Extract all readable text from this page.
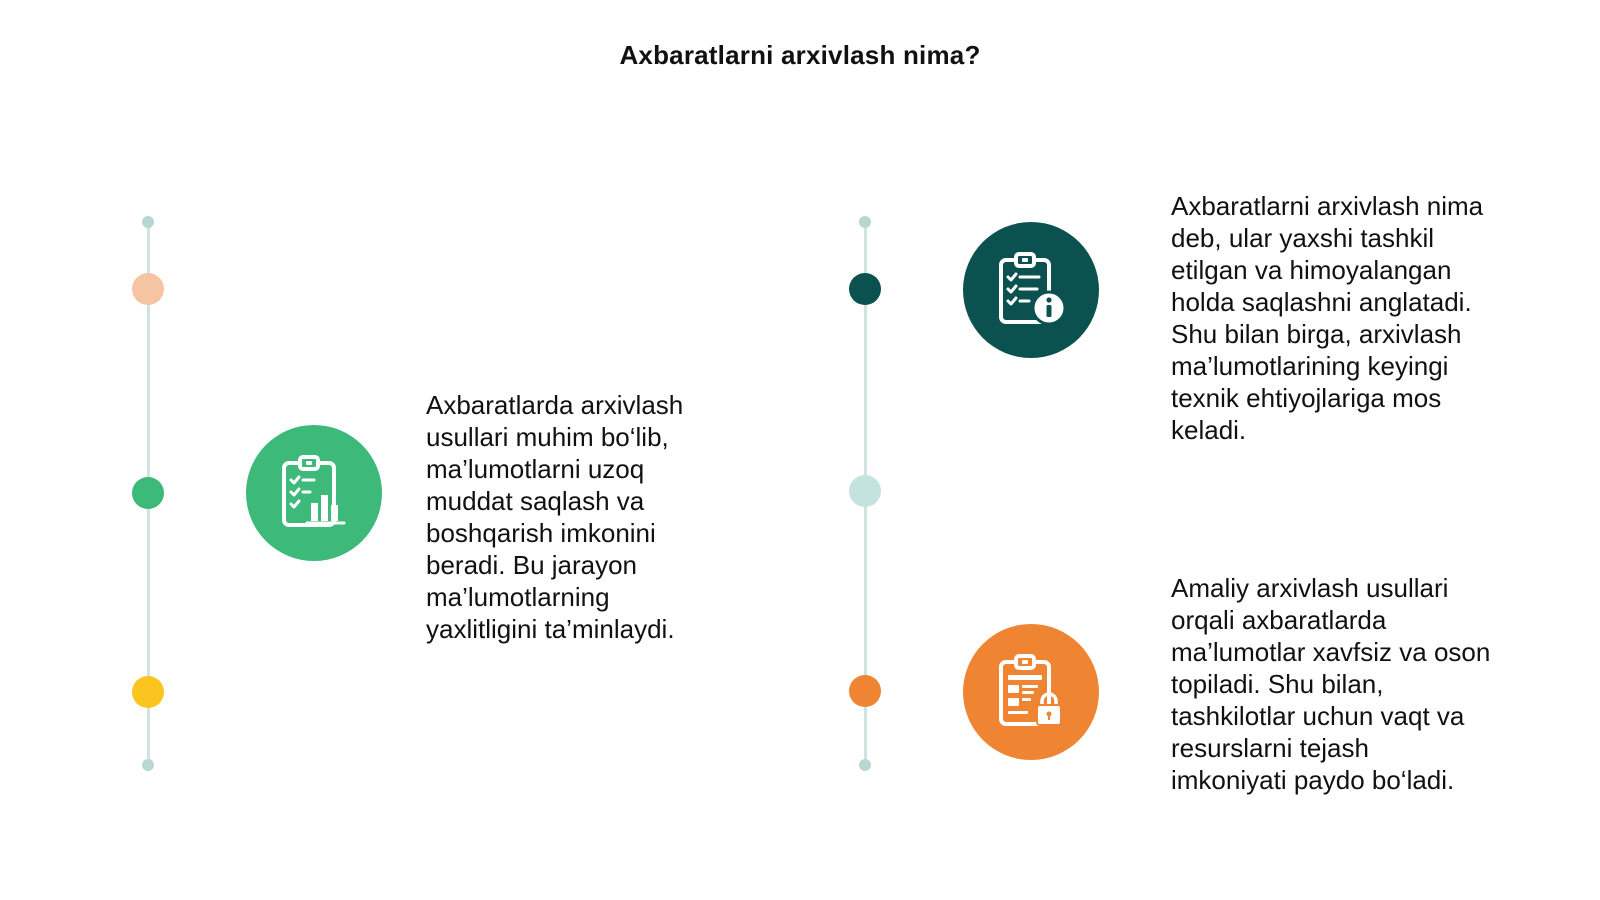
Axbaratlarni arxivlash nima?

Axbaratlarda arxivlash
usullari muhim bo‘lib,
ma’lumotlarni uzoq
muddat saqlash va
boshqarish imkonini
beradi. Bu jarayon
ma’lumotlarning
yaxlitligini ta’minlaydi.

Axbaratlarni arxivlash nima
deb, ular yaxshi tashkil
etilgan va himoyalangan
holda saqlashni anglatadi.
Shu bilan birga, arxivlash
ma’lumotlarining keyingi
texnik ehtiyojlariga mos
keladi.

Amaliy arxivlash usullari
orqali axbaratlarda
ma’lumotlar xavfsiz va oson
topiladi. Shu bilan,
tashkilotlar uchun vaqt va
resurslarni tejash
imkoniyati paydo bo‘ladi.
